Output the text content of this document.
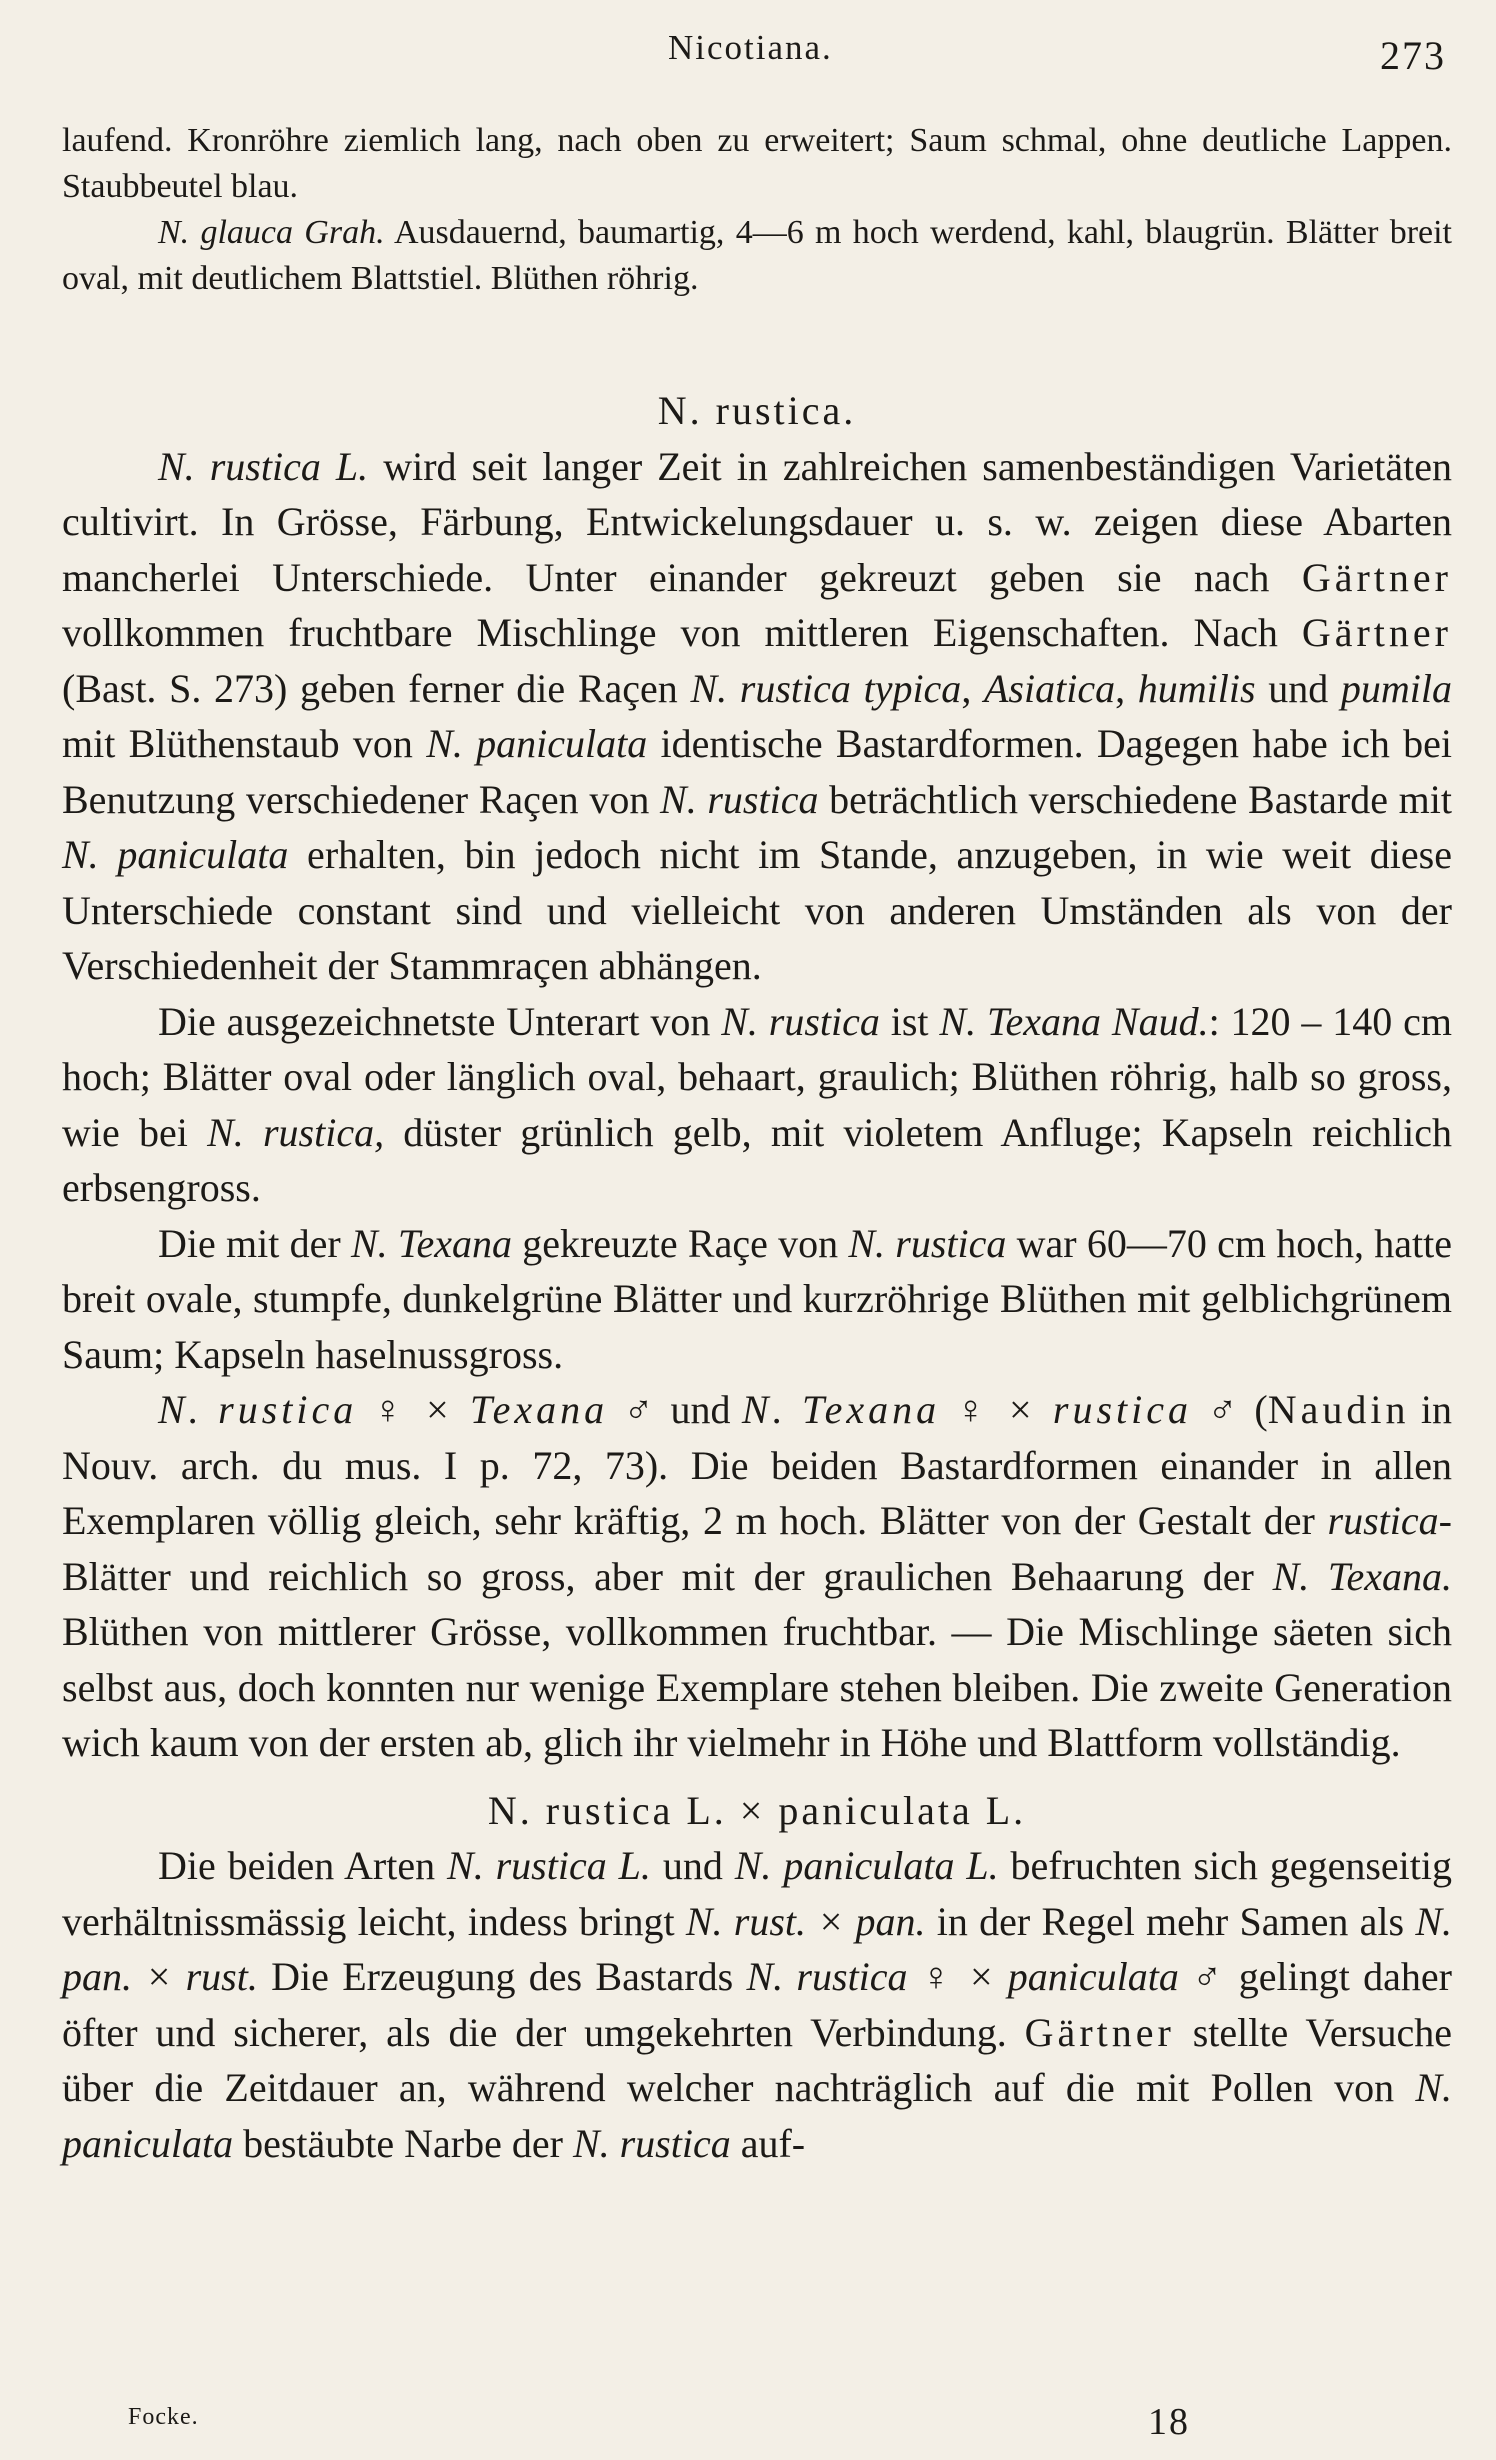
Nicotiana.	273

laufend. Kronröhre ziemlich lang, nach oben zu erweitert; Saum schmal, ohne deutliche Lappen. Staubbeutel blau.

N. glauca Grah. Ausdauernd, baumartig, 4—6 m hoch werdend, kahl, blaugrün. Blätter breit oval, mit deutlichem Blattstiel. Blüthen röhrig.

N. rustica.

N. rustica L. wird seit langer Zeit in zahlreichen samenbeständigen Varietäten cultivirt. In Grösse, Färbung, Entwickelungsdauer u. s. w. zeigen diese Abarten mancherlei Unterschiede. Unter einander gekreuzt geben sie nach Gärtner vollkommen fruchtbare Mischlinge von mittleren Eigenschaften. Nach Gärtner (Bast. S. 273) geben ferner die Raçen N. rustica typica, Asiatica, humilis und pumila mit Blüthenstaub von N. paniculata identische Bastardformen. Dagegen habe ich bei Benutzung verschiedener Raçen von N. rustica beträchtlich verschiedene Bastarde mit N. paniculata erhalten, bin jedoch nicht im Stande, anzugeben, in wie weit diese Unterschiede constant sind und vielleicht von anderen Umständen als von der Verschiedenheit der Stammraçen abhängen.

Die ausgezeichnetste Unterart von N. rustica ist N. Texana Naud.: 120 – 140 cm hoch; Blätter oval oder länglich oval, behaart, graulich; Blüthen röhrig, halb so gross, wie bei N. rustica, düster grünlich gelb, mit violetem Anfluge; Kapseln reichlich erbsengross.

Die mit der N. Texana gekreuzte Raçe von N. rustica war 60—70 cm hoch, hatte breit ovale, stumpfe, dunkelgrüne Blätter und kurzröhrige Blüthen mit gelblichgrünem Saum; Kapseln haselnussgross.

N. rustica ♀ × Texana ♂ und N. Texana ♀ × rustica ♂ (Naudin in Nouv. arch. du mus. I p. 72, 73). Die beiden Bastardformen einander in allen Exemplaren völlig gleich, sehr kräftig, 2 m hoch. Blätter von der Gestalt der rustica-Blätter und reichlich so gross, aber mit der graulichen Behaarung der N. Texana. Blüthen von mittlerer Grösse, vollkommen fruchtbar. — Die Mischlinge säeten sich selbst aus, doch konnten nur wenige Exemplare stehen bleiben. Die zweite Generation wich kaum von der ersten ab, glich ihr vielmehr in Höhe und Blattform vollständig.

N. rustica L. × paniculata L.

Die beiden Arten N. rustica L. und N. paniculata L. befruchten sich gegenseitig verhältnissmässig leicht, indess bringt N. rust. × pan. in der Regel mehr Samen als N. pan. × rust. Die Erzeugung des Bastards N. rustica ♀ × paniculata ♂ gelingt daher öfter und sicherer, als die der umgekehrten Verbindung. Gärtner stellte Versuche über die Zeitdauer an, während welcher nachträglich auf die mit Pollen von N. paniculata bestäubte Narbe der N. rustica auf-

Focke.	18
